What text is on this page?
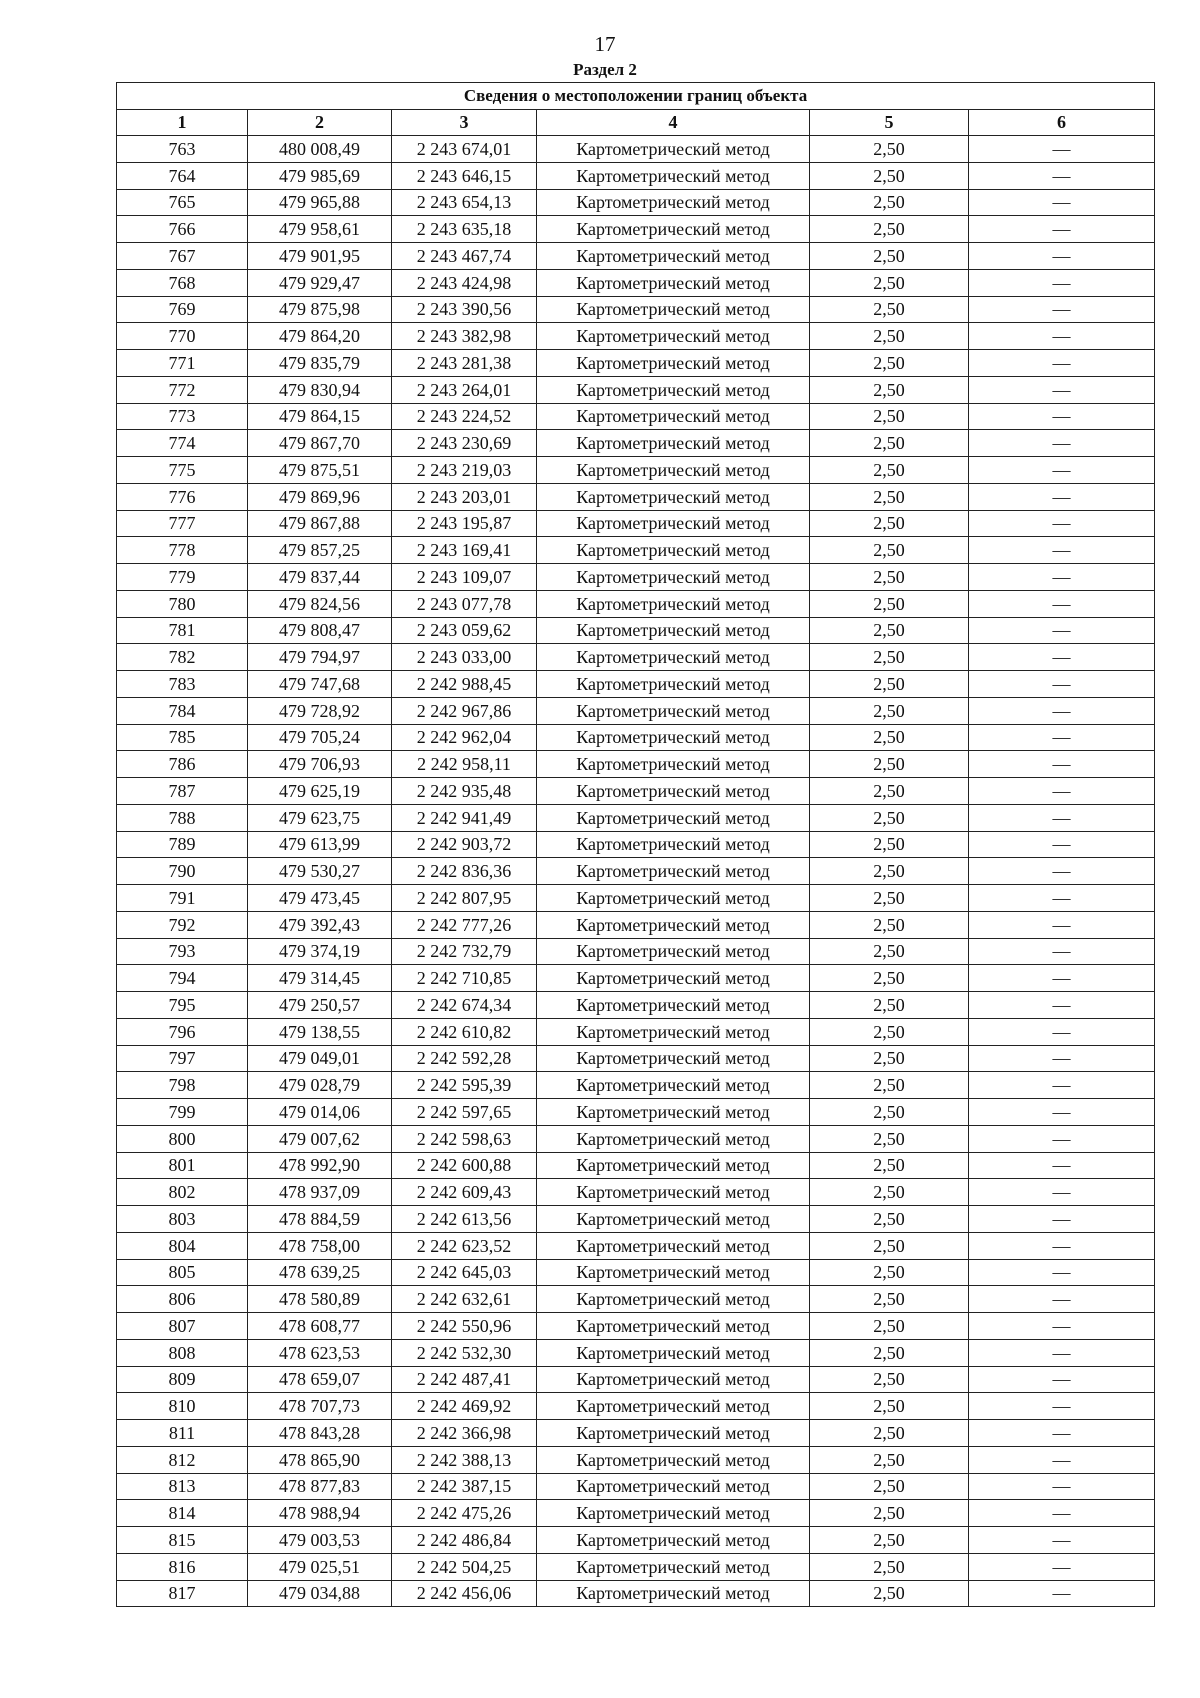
17
Раздел 2
Сведения о местоположении границ объекта					
1	2	3	4	5	6
763	480 008,49	2 243 674,01	Картометрический метод	2,50	—
764	479 985,69	2 243 646,15	Картометрический метод	2,50	—
765	479 965,88	2 243 654,13	Картометрический метод	2,50	—
766	479 958,61	2 243 635,18	Картометрический метод	2,50	—
767	479 901,95	2 243 467,74	Картометрический метод	2,50	—
768	479 929,47	2 243 424,98	Картометрический метод	2,50	—
769	479 875,98	2 243 390,56	Картометрический метод	2,50	—
770	479 864,20	2 243 382,98	Картометрический метод	2,50	—
771	479 835,79	2 243 281,38	Картометрический метод	2,50	—
772	479 830,94	2 243 264,01	Картометрический метод	2,50	—
773	479 864,15	2 243 224,52	Картометрический метод	2,50	—
774	479 867,70	2 243 230,69	Картометрический метод	2,50	—
775	479 875,51	2 243 219,03	Картометрический метод	2,50	—
776	479 869,96	2 243 203,01	Картометрический метод	2,50	—
777	479 867,88	2 243 195,87	Картометрический метод	2,50	—
778	479 857,25	2 243 169,41	Картометрический метод	2,50	—
779	479 837,44	2 243 109,07	Картометрический метод	2,50	—
780	479 824,56	2 243 077,78	Картометрический метод	2,50	—
781	479 808,47	2 243 059,62	Картометрический метод	2,50	—
782	479 794,97	2 243 033,00	Картометрический метод	2,50	—
783	479 747,68	2 242 988,45	Картометрический метод	2,50	—
784	479 728,92	2 242 967,86	Картометрический метод	2,50	—
785	479 705,24	2 242 962,04	Картометрический метод	2,50	—
786	479 706,93	2 242 958,11	Картометрический метод	2,50	—
787	479 625,19	2 242 935,48	Картометрический метод	2,50	—
788	479 623,75	2 242 941,49	Картометрический метод	2,50	—
789	479 613,99	2 242 903,72	Картометрический метод	2,50	—
790	479 530,27	2 242 836,36	Картометрический метод	2,50	—
791	479 473,45	2 242 807,95	Картометрический метод	2,50	—
792	479 392,43	2 242 777,26	Картометрический метод	2,50	—
793	479 374,19	2 242 732,79	Картометрический метод	2,50	—
794	479 314,45	2 242 710,85	Картометрический метод	2,50	—
795	479 250,57	2 242 674,34	Картометрический метод	2,50	—
796	479 138,55	2 242 610,82	Картометрический метод	2,50	—
797	479 049,01	2 242 592,28	Картометрический метод	2,50	—
798	479 028,79	2 242 595,39	Картометрический метод	2,50	—
799	479 014,06	2 242 597,65	Картометрический метод	2,50	—
800	479 007,62	2 242 598,63	Картометрический метод	2,50	—
801	478 992,90	2 242 600,88	Картометрический метод	2,50	—
802	478 937,09	2 242 609,43	Картометрический метод	2,50	—
803	478 884,59	2 242 613,56	Картометрический метод	2,50	—
804	478 758,00	2 242 623,52	Картометрический метод	2,50	—
805	478 639,25	2 242 645,03	Картометрический метод	2,50	—
806	478 580,89	2 242 632,61	Картометрический метод	2,50	—
807	478 608,77	2 242 550,96	Картометрический метод	2,50	—
808	478 623,53	2 242 532,30	Картометрический метод	2,50	—
809	478 659,07	2 242 487,41	Картометрический метод	2,50	—
810	478 707,73	2 242 469,92	Картометрический метод	2,50	—
811	478 843,28	2 242 366,98	Картометрический метод	2,50	—
812	478 865,90	2 242 388,13	Картометрический метод	2,50	—
813	478 877,83	2 242 387,15	Картометрический метод	2,50	—
814	478 988,94	2 242 475,26	Картометрический метод	2,50	—
815	479 003,53	2 242 486,84	Картометрический метод	2,50	—
816	479 025,51	2 242 504,25	Картометрический метод	2,50	—
817	479 034,88	2 242 456,06	Картометрический метод	2,50	—
